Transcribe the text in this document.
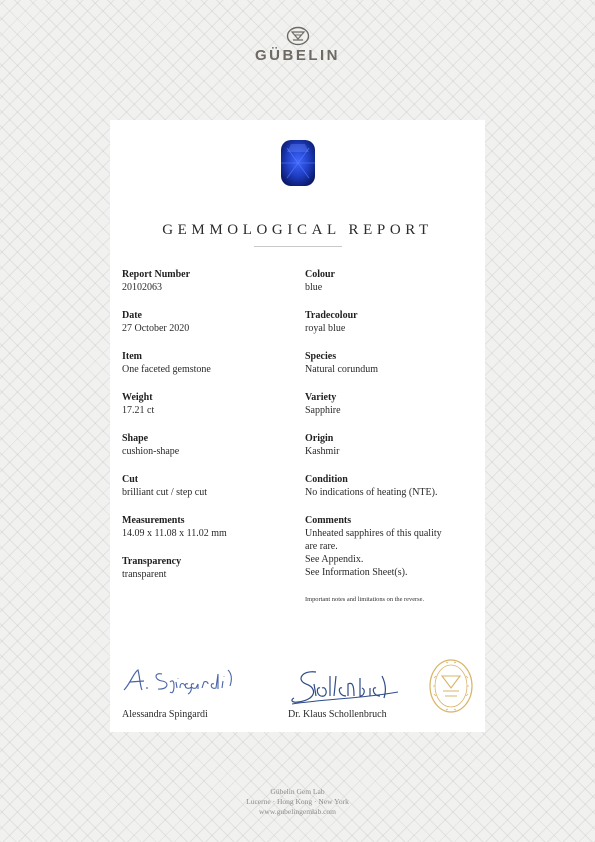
GÜBELIN
GEMMOLOGICAL REPORT
Report Number
20102063
Date
27 October 2020
Item
One faceted gemstone
Weight
17.21 ct
Shape
cushion-shape
Cut
brilliant cut / step cut
Measurements
14.09 x 11.08 x 11.02 mm
Transparency
transparent
Colour
blue
Tradecolour
royal blue
Species
Natural corundum
Variety
Sapphire
Origin
Kashmir
Condition
No indications of heating (NTE).
Comments
Unheated sapphires of this quality
are rare.
See Appendix.
See Information Sheet(s).
Important notes and limitations on the reverse.
Alessandra Spingardi	Dr. Klaus Schollenbruch
Gübelin Gem Lab
Lucerne · Hong Kong · New York
www.gubelingemlab.com
